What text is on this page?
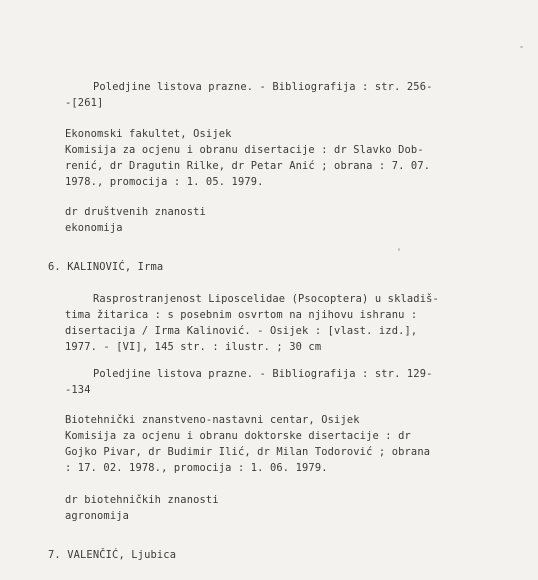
Poledjine listova prazne. - Bibliografija : str. 256-
-[261]
Ekonomski fakultet, Osijek
Komisija za ocjenu i obranu disertacije : dr Slavko Dob-
renić, dr Dragutin Rilke, dr Petar Anić ; obrana : 7. 07.
1978., promocija : 1. 05. 1979.
dr društvenih znanosti
ekonomija
6. KALINOVIĆ, Irma
Rasprostranjenost Liposcelidae (Psocoptera) u skladiš-
tima žitarica : s posebnim osvrtom na njihovu ishranu :
disertacija / Irma Kalinović. - Osijek : [vlast. izd.],
1977. - [VI], 145 str. : ilustr. ; 30 cm
Poledjine listova prazne. - Bibliografija : str. 129-
-134
Biotehnički znanstveno-nastavni centar, Osijek
Komisija za ocjenu i obranu doktorske disertacije : dr
Gojko Pivar, dr Budimir Ilić, dr Milan Todorović ; obrana
: 17. 02. 1978., promocija : 1. 06. 1979.
dr biotehničkih znanosti
agronomija
7. VALENČIĆ, Ljubica
